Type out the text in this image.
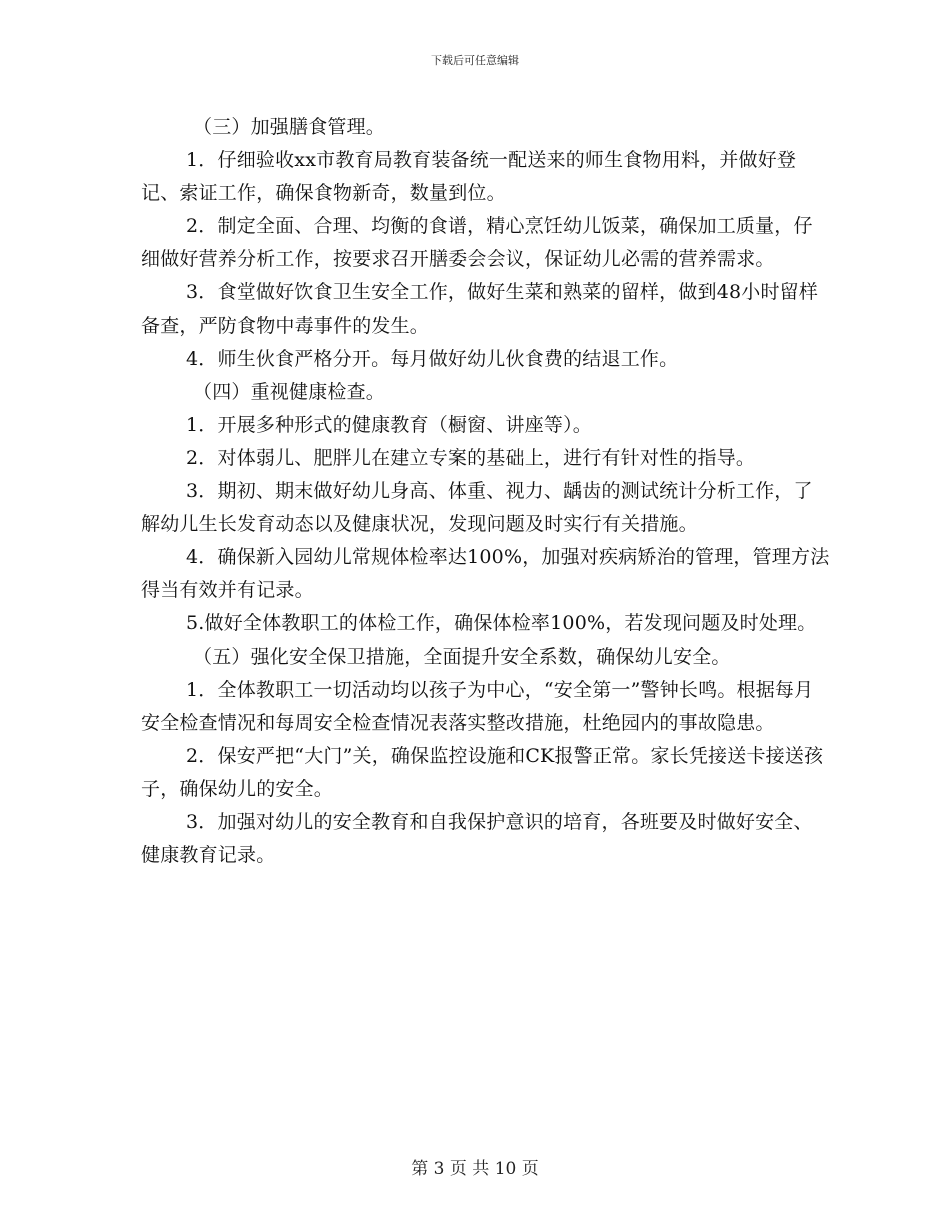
下载后可任意编辑

（三）加强膳食管理。

1．仔细验收xx市教育局教育装备统一配送来的师生食物用料，并做好登记、索证工作，确保食物新奇，数量到位。

2．制定全面、合理、均衡的食谱，精心烹饪幼儿饭菜，确保加工质量，仔细做好营养分析工作，按要求召开膳委会会议，保证幼儿必需的营养需求。

3．食堂做好饮食卫生安全工作，做好生菜和熟菜的留样，做到48小时留样备查，严防食物中毒事件的发生。

4．师生伙食严格分开。每月做好幼儿伙食费的结退工作。

（四）重视健康检查。

1．开展多种形式的健康教育（橱窗、讲座等）。

2．对体弱儿、肥胖儿在建立专案的基础上，进行有针对性的指导。

3．期初、期末做好幼儿身高、体重、视力、龋齿的测试统计分析工作，了解幼儿生长发育动态以及健康状况，发现问题及时实行有关措施。

4．确保新入园幼儿常规体检率达100%，加强对疾病矫治的管理，管理方法得当有效并有记录。

5.做好全体教职工的体检工作，确保体检率100%，若发现问题及时处理。

（五）强化安全保卫措施，全面提升安全系数，确保幼儿安全。

1．全体教职工一切活动均以孩子为中心，“安全第一”警钟长鸣。根据每月安全检查情况和每周安全检查情况表落实整改措施，杜绝园内的事故隐患。

2．保安严把“大门”关，确保监控设施和CK报警正常。家长凭接送卡接送孩子，确保幼儿的安全。

3．加强对幼儿的安全教育和自我保护意识的培育，各班要及时做好安全、健康教育记录。

第 3 页 共 10 页
